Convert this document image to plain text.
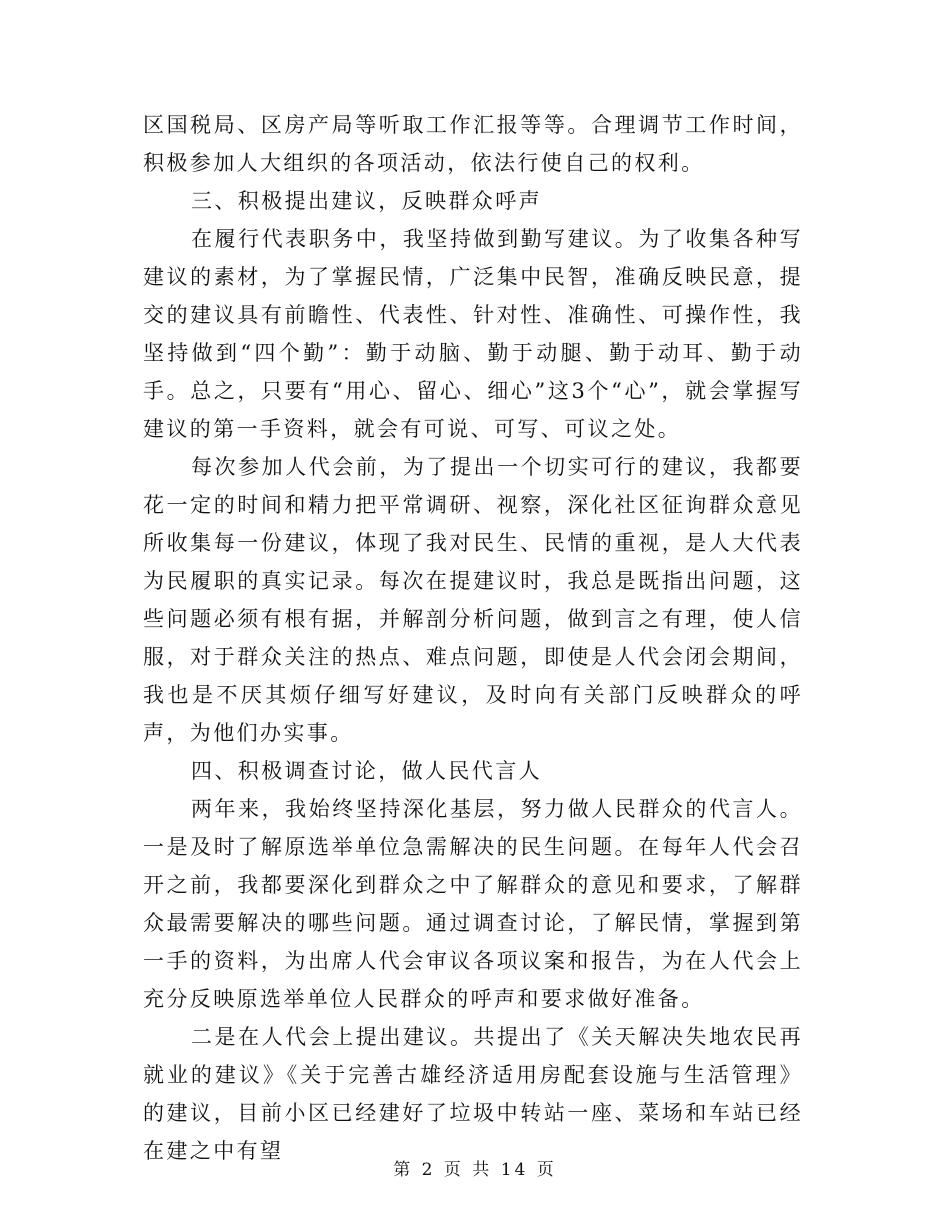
区国税局、区房产局等听取工作汇报等等。合理调节工作时间，积极参加人大组织的各项活动，依法行使自己的权利。

三、积极提出建议，反映群众呼声

在履行代表职务中，我坚持做到勤写建议。为了收集各种写建议的素材，为了掌握民情，广泛集中民智，准确反映民意，提交的建议具有前瞻性、代表性、针对性、准确性、可操作性，我坚持做到“四个勤”：勤于动脑、勤于动腿、勤于动耳、勤于动手。总之，只要有“用心、留心、细心”这3个“心”，就会掌握写建议的第一手资料，就会有可说、可写、可议之处。

每次参加人代会前，为了提出一个切实可行的建议，我都要花一定的时间和精力把平常调研、视察，深化社区征询群众意见所收集每一份建议，体现了我对民生、民情的重视，是人大代表为民履职的真实记录。每次在提建议时，我总是既指出问题，这些问题必须有根有据，并解剖分析问题，做到言之有理，使人信服，对于群众关注的热点、难点问题，即使是人代会闭会期间，我也是不厌其烦仔细写好建议，及时向有关部门反映群众的呼声，为他们办实事。

四、积极调查讨论，做人民代言人

两年来，我始终坚持深化基层，努力做人民群众的代言人。一是及时了解原选举单位急需解决的民生问题。在每年人代会召开之前，我都要深化到群众之中了解群众的意见和要求，了解群众最需要解决的哪些问题。通过调查讨论，了解民情，掌握到第一手的资料，为出席人代会审议各项议案和报告，为在人代会上充分反映原选举单位人民群众的呼声和要求做好准备。

二是在人代会上提出建议。共提出了《关天解决失地农民再就业的建议》《关于完善古雄经济适用房配套设施与生活管理》的建议，目前小区已经建好了垃圾中转站一座、菜场和车站已经在建之中有望

第 2 页 共 14 页
